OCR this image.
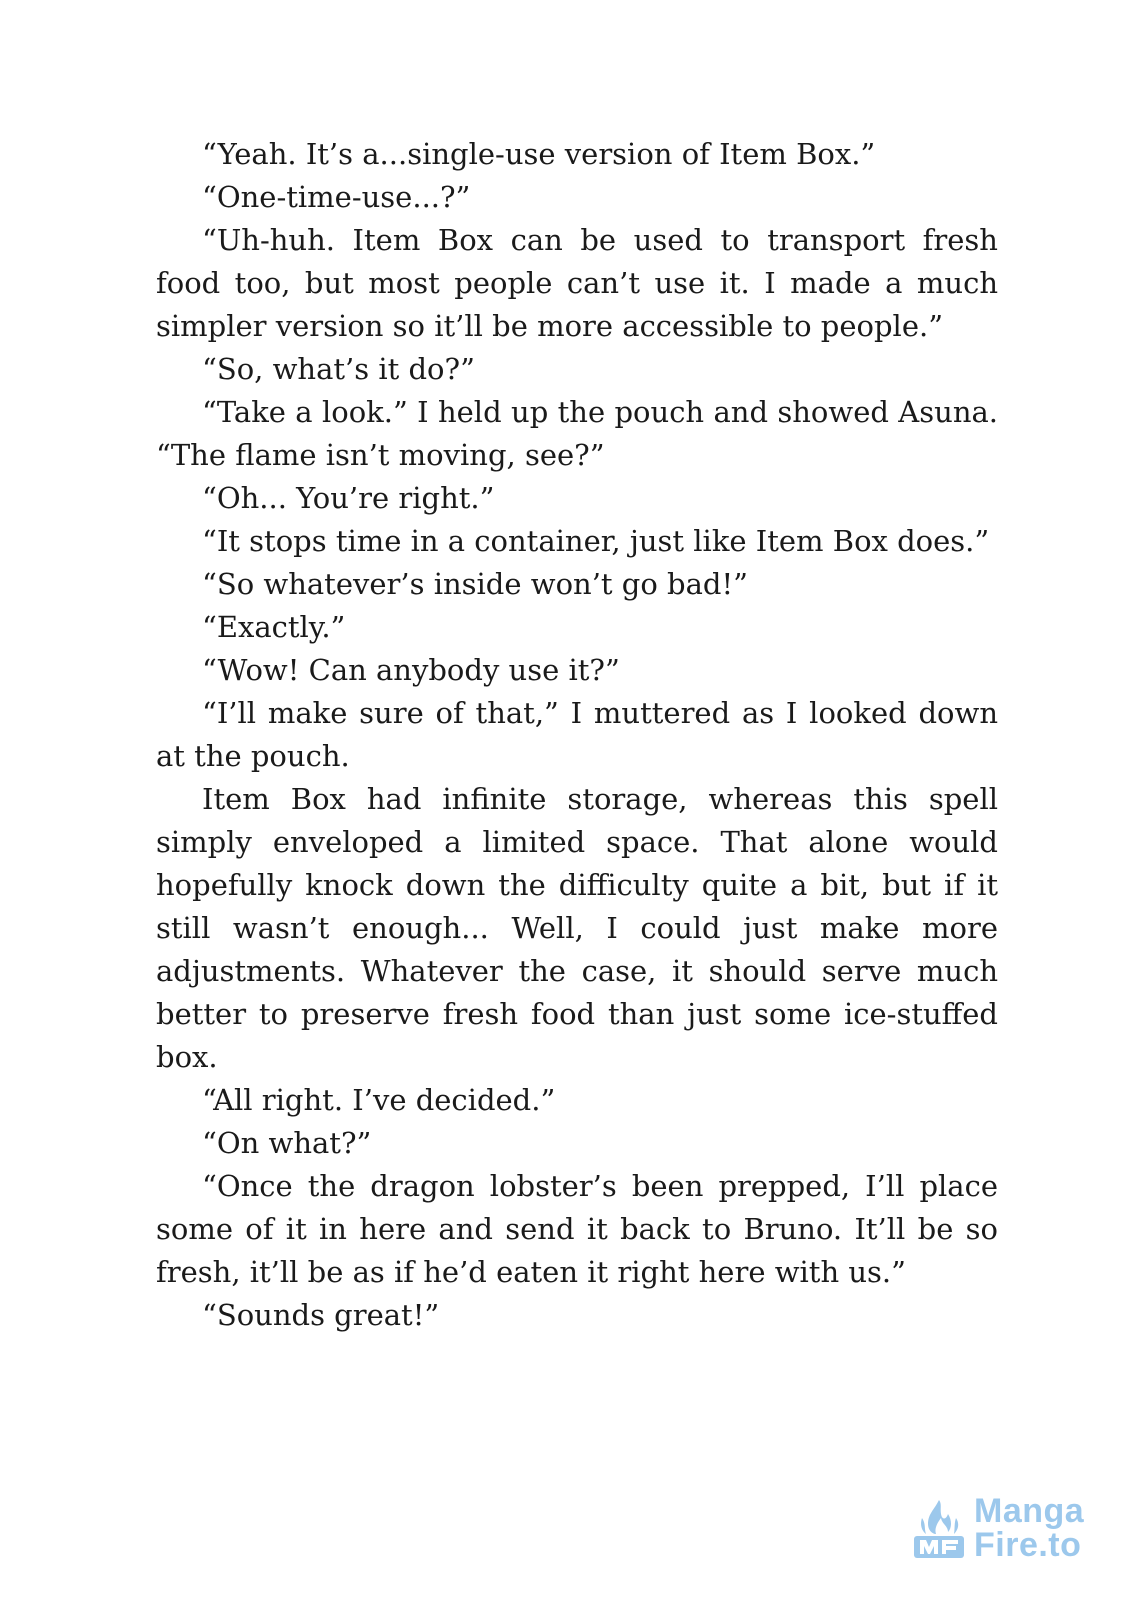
“Yeah. It’s a...single-use version of Item Box.”

“One-time-use...?”

“Uh-huh. Item Box can be used to transport fresh food too, but most people can’t use it. I made a much simpler version so it’ll be more accessible to people.”

“So, what’s it do?”

“Take a look.” I held up the pouch and showed Asuna. “The flame isn’t moving, see?”

“Oh... You’re right.”

“It stops time in a container, just like Item Box does.”

“So whatever’s inside won’t go bad!”

“Exactly.”

“Wow! Can anybody use it?”

“I’ll make sure of that,” I muttered as I looked down at the pouch.

Item Box had infinite storage, whereas this spell simply enveloped a limited space. That alone would hopefully knock down the difficulty quite a bit, but if it still wasn’t enough... Well, I could just make more adjustments. Whatever the case, it should serve much better to preserve fresh food than just some ice-stuffed box.

“All right. I’ve decided.”

“On what?”

“Once the dragon lobster’s been prepped, I’ll place some of it in here and send it back to Bruno. It’ll be so fresh, it’ll be as if he’d eaten it right here with us.”

“Sounds great!”

Manga
Fire.to
